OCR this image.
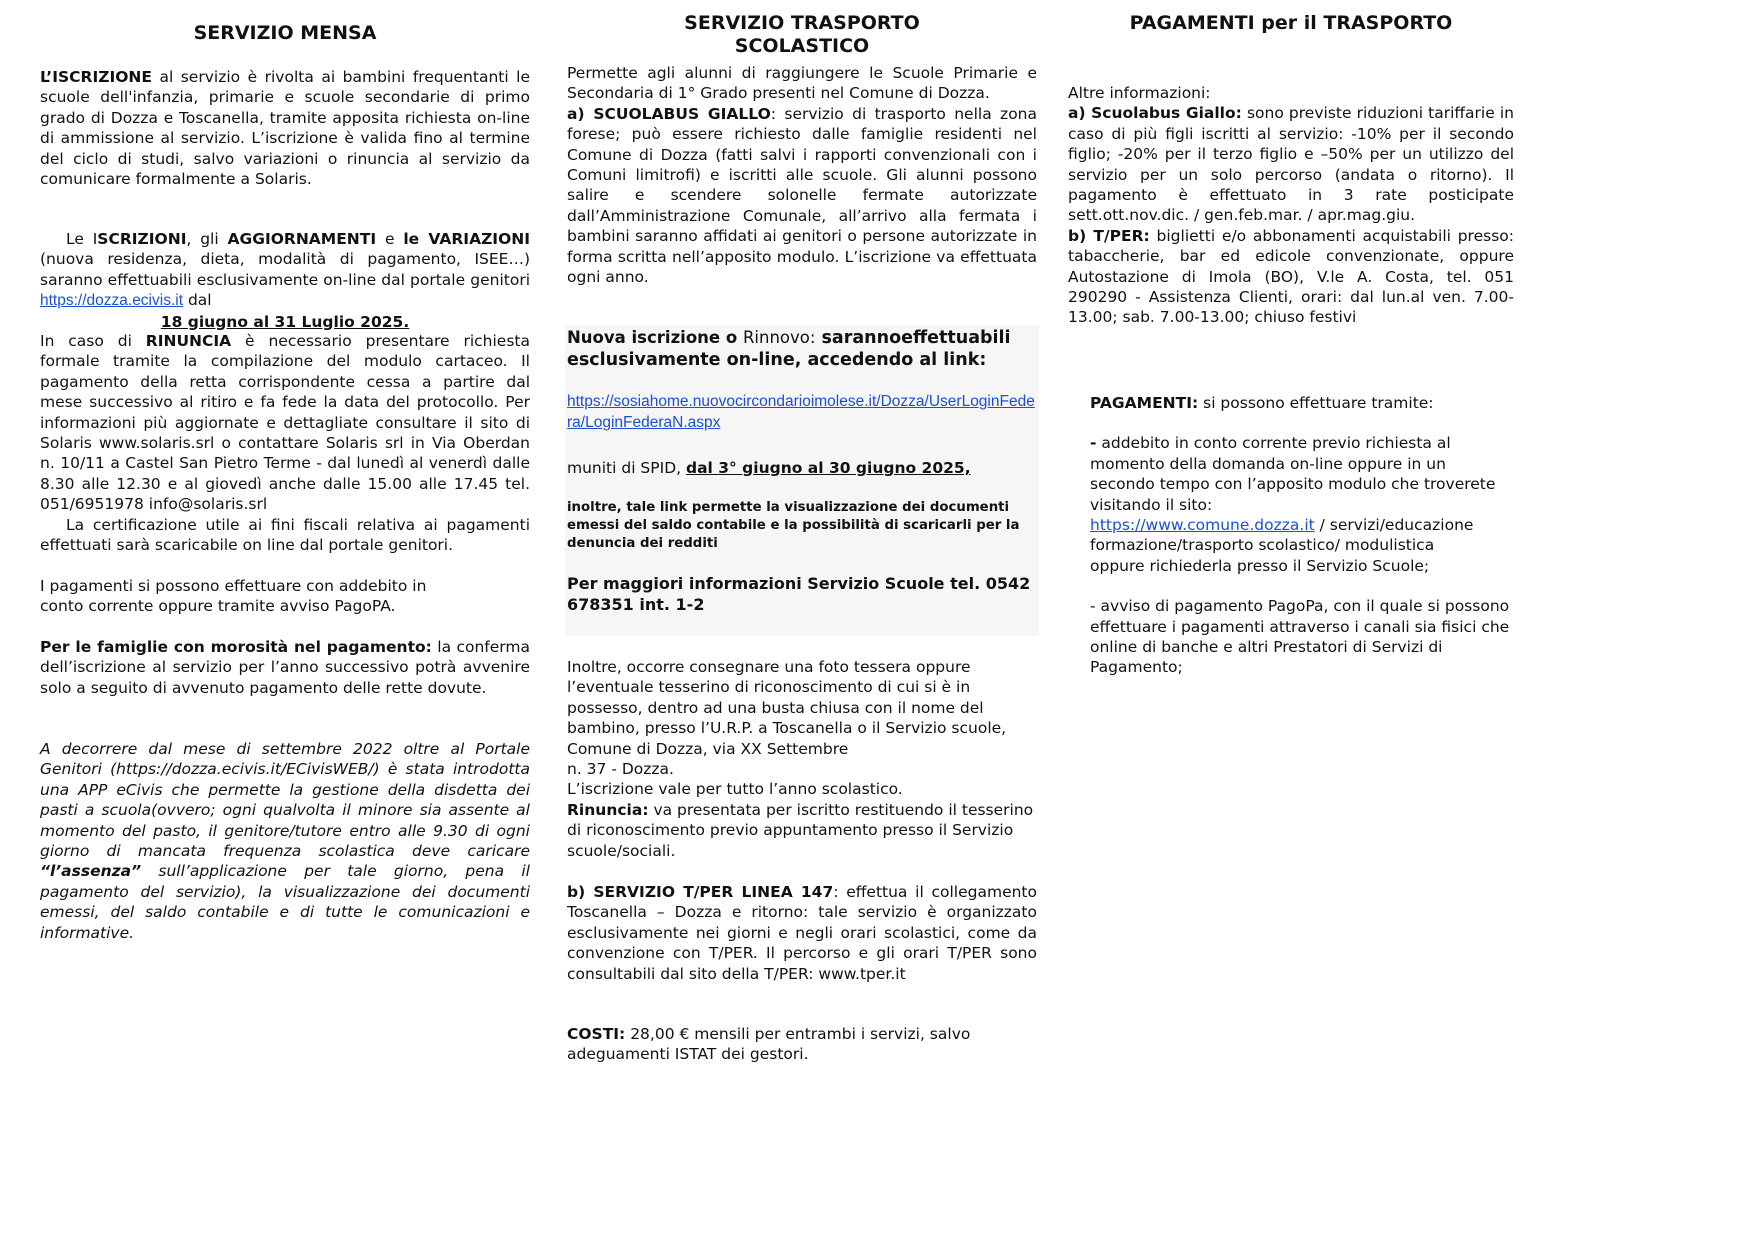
SERVIZIO MENSA

L’ISCRIZIONE al servizio è rivolta ai bambini frequentanti le scuole dell'infanzia, primarie e scuole secondarie di primo grado di Dozza e Toscanella, tramite apposita richiesta on-line di ammissione al servizio. L’iscrizione è valida fino al termine del ciclo di studi, salvo variazioni o rinuncia al servizio da comunicare formalmente a Solaris.

Le ISCRIZIONI, gli AGGIORNAMENTI e le VARIAZIONI (nuova residenza, dieta, modalità di pagamento, ISEE…) saranno effettuabili esclusivamente on-line dal portale genitori https://dozza.ecivis.it dal

18 giugno al 31 Luglio 2025.

In caso di RINUNCIA è necessario presentare richiesta formale tramite la compilazione del modulo cartaceo. Il pagamento della retta corrispondente cessa a partire dal mese successivo al ritiro e fa fede la data del protocollo. Per informazioni più aggiornate e dettagliate consultare il sito di Solaris www.solaris.srl o contattare Solaris srl in Via Oberdan n. 10/11 a Castel San Pietro Terme - dal lunedì al venerdì dalle 8.30 alle 12.30 e al giovedì anche dalle 15.00 alle 17.45 tel. 051/6951978 info@solaris.srl

La certificazione utile ai fini fiscali relativa ai pagamenti effettuati sarà scaricabile on line dal portale genitori.

I pagamenti si possono effettuare con addebito in conto corrente oppure tramite avviso PagoPA.

Per le famiglie con morosità nel pagamento: la conferma dell’iscrizione al servizio per l’anno successivo potrà avvenire solo a seguito di avvenuto pagamento delle rette dovute.

A decorrere dal mese di settembre 2022 oltre al Portale Genitori (https://dozza.ecivis.it/ECivisWEB/) è stata introdotta una APP eCivis che permette la gestione della disdetta dei pasti a scuola(ovvero; ogni qualvolta il minore sia assente al momento del pasto, il genitore/tutore entro alle 9.30 di ogni giorno di mancata frequenza scolastica deve caricare “l’assenza” sull’applicazione per tale giorno, pena il pagamento del servizio), la visualizzazione dei documenti emessi, del saldo contabile e di tutte le comunicazioni e informative.

SERVIZIO TRASPORTO
SCOLASTICO

Permette agli alunni di raggiungere le Scuole Primarie e Secondaria di 1° Grado presenti nel Comune di Dozza.

a) SCUOLABUS GIALLO: servizio di trasporto nella zona forese; può essere richiesto dalle famiglie residenti nel Comune di Dozza (fatti salvi i rapporti convenzionali con i Comuni limitrofi) e iscritti alle scuole. Gli alunni possono salire e scendere solonelle fermate autorizzate dall’Amministrazione Comunale, all’arrivo alla fermata i bambini saranno affidati ai genitori o persone autorizzate in forma scritta nell’apposito modulo. L’iscrizione va effettuata ogni anno.

Nuova iscrizione o Rinnovo: sarannoeffettuabili esclusivamente on-line, accedendo al link:

https://sosiahome.nuovocircondarioimolese.it/Dozza/UserLoginFedera/LoginFederaN.aspx

muniti di SPID, dal 3° giugno al 30 giugno 2025,

inoltre, tale link permette la visualizzazione dei documenti emessi del saldo contabile e la possibilità di scaricarli per la denuncia dei redditi

Per maggiori informazioni Servizio Scuole tel. 0542 678351 int. 1-2

Inoltre, occorre consegnare una foto tessera oppure l’eventuale tesserino di riconoscimento di cui si è in possesso, dentro ad una busta chiusa con il nome del bambino, presso l’U.R.P. a Toscanella o il Servizio scuole, Comune di Dozza, via XX Settembre

n. 37 - Dozza.

L’iscrizione vale per tutto l’anno scolastico.

Rinuncia: va presentata per iscritto restituendo il tesserino di riconoscimento previo appuntamento presso il Servizio scuole/sociali.

b) SERVIZIO T/PER LINEA 147: effettua il collegamento Toscanella – Dozza e ritorno: tale servizio è organizzato esclusivamente nei giorni e negli orari scolastici, come da convenzione con T/PER. Il percorso e gli orari T/PER sono consultabili dal sito della T/PER: www.tper.it

COSTI: 28,00 € mensili per entrambi i servizi, salvo adeguamenti ISTAT dei gestori.

PAGAMENTI per il TRASPORTO

Altre informazioni:

a) Scuolabus Giallo: sono previste riduzioni tariffarie in caso di più figli iscritti al servizio: -10% per il secondo figlio; -20% per il terzo figlio e –50% per un utilizzo del servizio per un solo percorso (andata o ritorno). Il pagamento è effettuato in 3 rate posticipate sett.ott.nov.dic. / gen.feb.mar. / apr.mag.giu.

b) T/PER: biglietti e/o abbonamenti acquistabili presso: tabaccherie, bar ed edicole convenzionate, oppure Autostazione di Imola (BO), V.le A. Costa, tel. 051 290290 - Assistenza Clienti, orari: dal lun.al ven. 7.00-13.00; sab. 7.00-13.00; chiuso festivi

PAGAMENTI: si possono effettuare tramite:

- addebito in conto corrente previo richiesta al momento della domanda on-line oppure in un secondo tempo con l’apposito modulo che troverete visitando il sito:

https://www.comune.dozza.it / servizi/educazione formazione/trasporto scolastico/ modulistica

oppure richiederla presso il Servizio Scuole;

- avviso di pagamento PagoPa, con il quale si possono effettuare i pagamenti attraverso i canali sia fisici che online di banche e altri Prestatori di Servizi di Pagamento;
